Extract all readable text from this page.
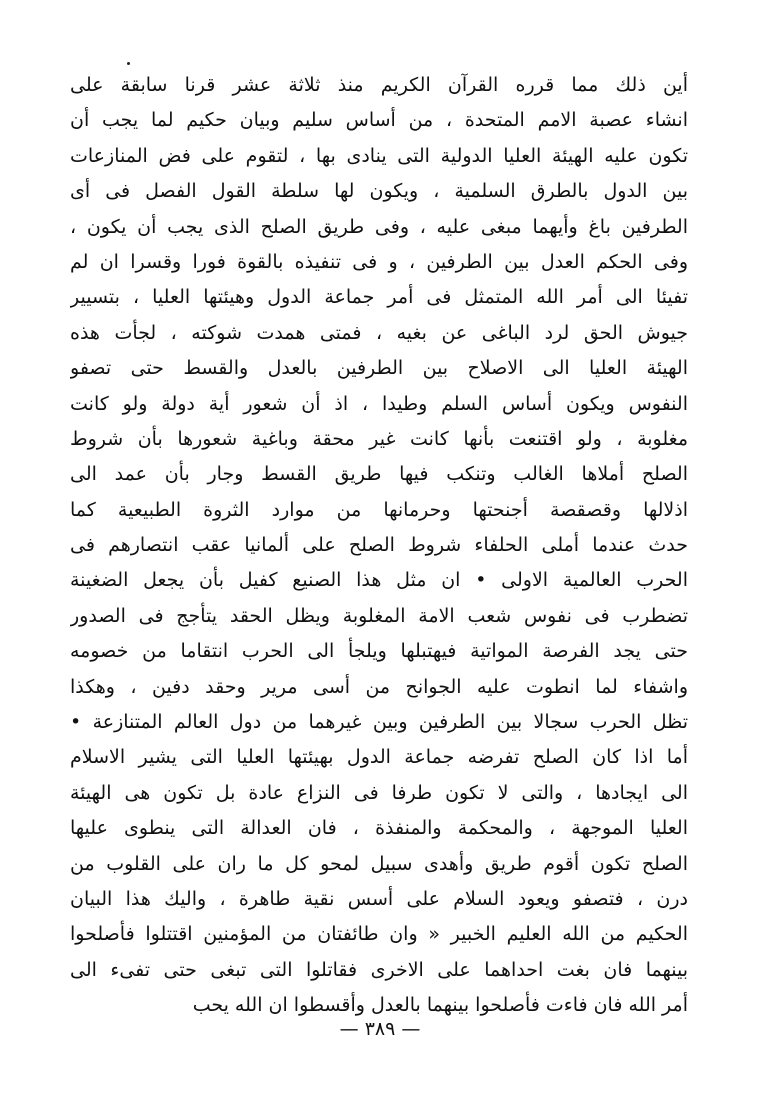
أين ذلك مما قرره القرآن الكريم منذ ثلاثة عشر قرنا سابقة على
انشاء عصبة الامم المتحدة ، من أساس سليم وبيان حكيم لما يجب أن
تكون عليه الهيئة العليا الدولية التى ينادى بها ، لتقوم على فض المنازعات
بين الدول بالطرق السلمية ، ويكون لها سلطة القول الفصل فى أى
الطرفين باغ وأيهما مبغى عليه ، وفى طريق الصلح الذى يجب أن يكون ،
وفى الحكم العدل بين الطرفين ، و فى تنفيذه بالقوة فورا وقسرا ان لم
تفيئا الى أمر الله المتمثل فى أمر جماعة الدول وهيئتها العليا ، بتسيير
جيوش الحق لرد الباغى عن بغيه ، فمتى همدت شوكته ، لجأت هذه
الهيئة العليا الى الاصلاح بين الطرفين بالعدل والقسط حتى تصفو
النفوس ويكون أساس السلم وطيدا ، اذ أن شعور أية دولة ولو كانت
مغلوبة ، ولو اقتنعت بأنها كانت غير محقة وباغية شعورها بأن شروط
الصلح أملاها الغالب وتنكب فيها طريق القسط وجار بأن عمد الى
اذلالها وقصقصة أجنحتها وحرمانها من موارد الثروة الطبيعية كما
حدث عندما أملى الحلفاء شروط الصلح على ألمانيا عقب انتصارهم فى
الحرب العالمية الاولى • ان مثل هذا الصنيع كفيل بأن يجعل الضغينة
تضطرب فى نفوس شعب الامة المغلوبة ويظل الحقد يتأجج فى الصدور
حتى يجد الفرصة المواتية فيهتبلها ويلجأ الى الحرب انتقاما من خصومه
واشفاء لما انطوت عليه الجوانح من أسى مرير وحقد دفين ، وهكذا
تظل الحرب سجالا بين الطرفين وبين غيرهما من دول العالم المتنازعة •
أما اذا كان الصلح تفرضه جماعة الدول بهيئتها العليا التى يشير الاسلام
الى ايجادها ، والتى لا تكون طرفا فى النزاع عادة بل تكون هى الهيئة
العليا الموجهة ، والمحكمة والمنفذة ، فان العدالة التى ينطوى عليها
الصلح تكون أقوم طريق وأهدى سبيل لمحو كل ما ران على القلوب من
درن ، فتصفو ويعود السلام على أسس نقية طاهرة ، واليك هذا البيان
الحكيم من الله العليم الخبير « وان طائفتان من المؤمنين اقتتلوا فأصلحوا
بينهما فان بغت احداهما على الاخرى فقاتلوا التى تبغى حتى تفىء الى
أمر الله فان فاءت فأصلحوا بينهما بالعدل وأقسطوا ان الله يحب
— ٣٨٩ —
